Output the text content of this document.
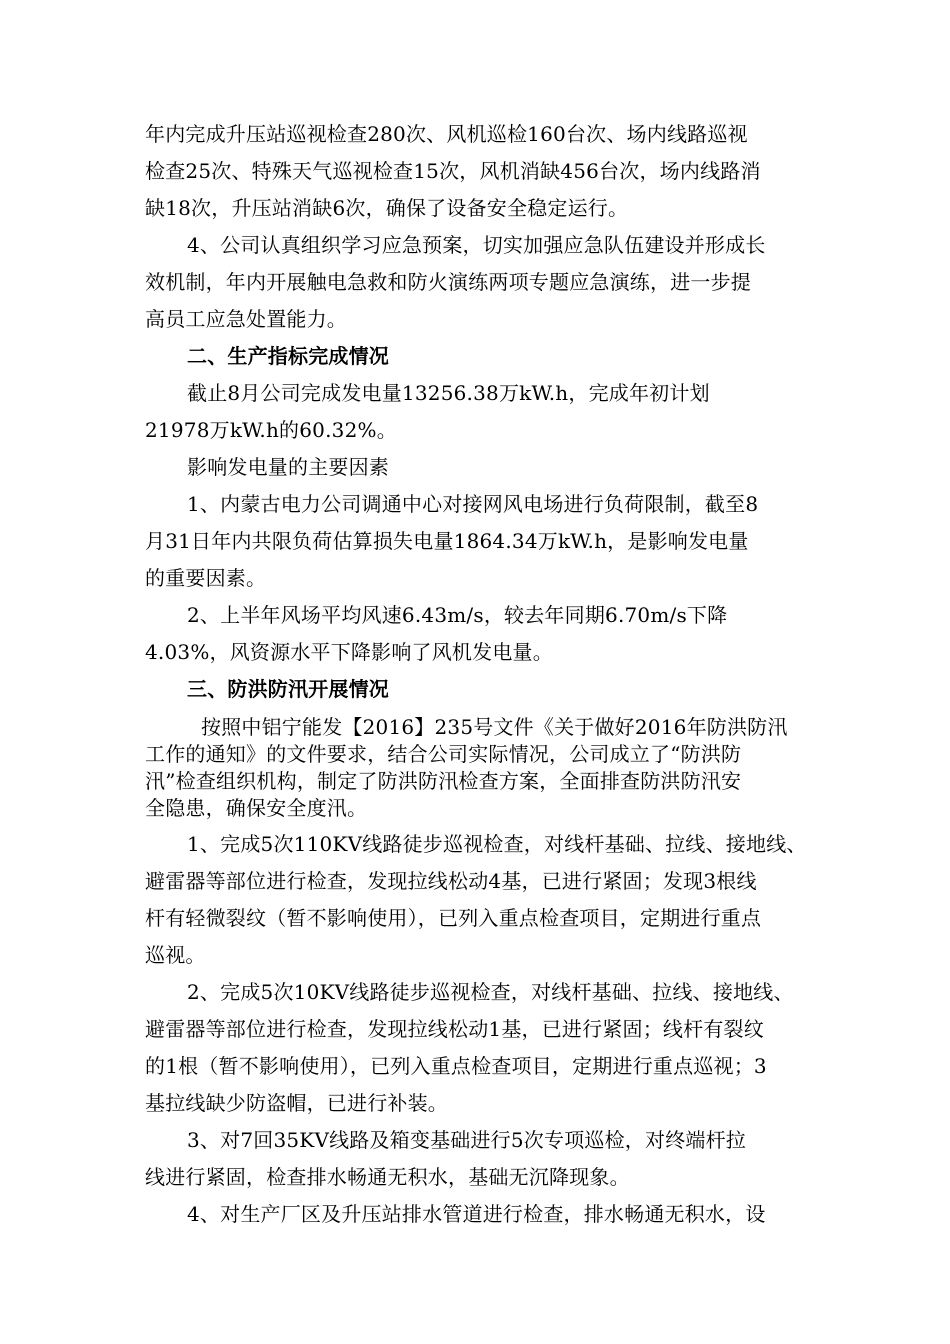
年内完成升压站巡视检查280次、风机巡检160台次、场内线路巡视
检查25次、特殊天气巡视检查15次，风机消缺456台次，场内线路消
缺18次，升压站消缺6次，确保了设备安全稳定运行。
4、公司认真组织学习应急预案，切实加强应急队伍建设并形成长
效机制，年内开展触电急救和防火演练两项专题应急演练，进一步提
高员工应急处置能力。
二、生产指标完成情况
截止8月公司完成发电量13256.38万kW.h，完成年初计划
21978万kW.h的60.32%。
影响发电量的主要因素
1、内蒙古电力公司调通中心对接网风电场进行负荷限制，截至8
月31日年内共限负荷估算损失电量1864.34万kW.h，是影响发电量
的重要因素。
2、上半年风场平均风速6.43m/s，较去年同期6.70m/s下降
4.03%，风资源水平下降影响了风机发电量。
三、防洪防汛开展情况
按照中铝宁能发【2016】235号文件《关于做好2016年防洪防汛
工作的通知》的文件要求，结合公司实际情况，公司成立了“防洪防
汛”检查组织机构，制定了防洪防汛检查方案，全面排查防洪防汛安
全隐患，确保安全度汛。
1、完成5次110KV线路徒步巡视检查，对线杆基础、拉线、接地线、
避雷器等部位进行检查，发现拉线松动4基，已进行紧固；发现3根线
杆有轻微裂纹（暂不影响使用），已列入重点检查项目，定期进行重点
巡视。
2、完成5次10KV线路徒步巡视检查，对线杆基础、拉线、接地线、
避雷器等部位进行检查，发现拉线松动1基，已进行紧固；线杆有裂纹
的1根（暂不影响使用），已列入重点检查项目，定期进行重点巡视；3
基拉线缺少防盗帽，已进行补装。
3、对7回35KV线路及箱变基础进行5次专项巡检，对终端杆拉
线进行紧固，检查排水畅通无积水，基础无沉降现象。
4、对生产厂区及升压站排水管道进行检查，排水畅通无积水，设
